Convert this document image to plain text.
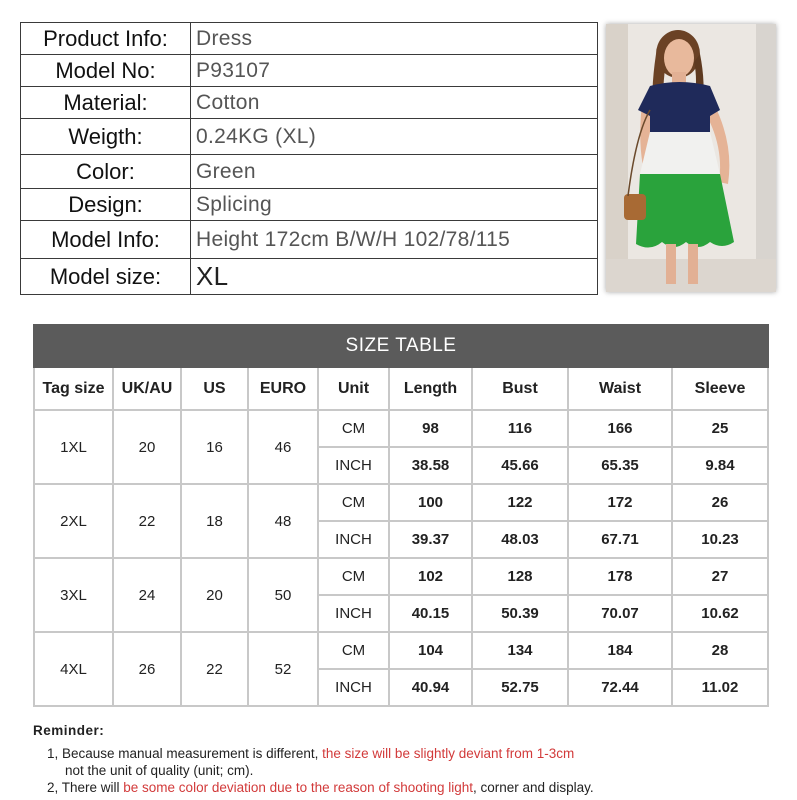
Product Info:	Dress
Model No:	P93107
Material:	Cotton
Weigth:	0.24KG (XL)
Color:	Green
Design:	Splicing
Model Info:	Height 172cm B/W/H 102/78/115
Model size:	XL
SIZE TABLE								
Tag size	UK/AU	US	EURO	Unit	Length	Bust	Waist	Sleeve
1XL	20	16	46	CM	98	116	166	25
				INCH	38.58	45.66	65.35	9.84
2XL	22	18	48	CM	100	122	172	26
				INCH	39.37	48.03	67.71	10.23
3XL	24	20	50	CM	102	128	178	27
				INCH	40.15	50.39	70.07	10.62
4XL	26	22	52	CM	104	134	184	28
				INCH	40.94	52.75	72.44	11.02
Reminder:
1, Because manual measurement is different, the size will be slightly deviant from 1-3cm
not the unit of quality (unit; cm).
2, There will be some color deviation due to the reason of shooting light, corner and display.
